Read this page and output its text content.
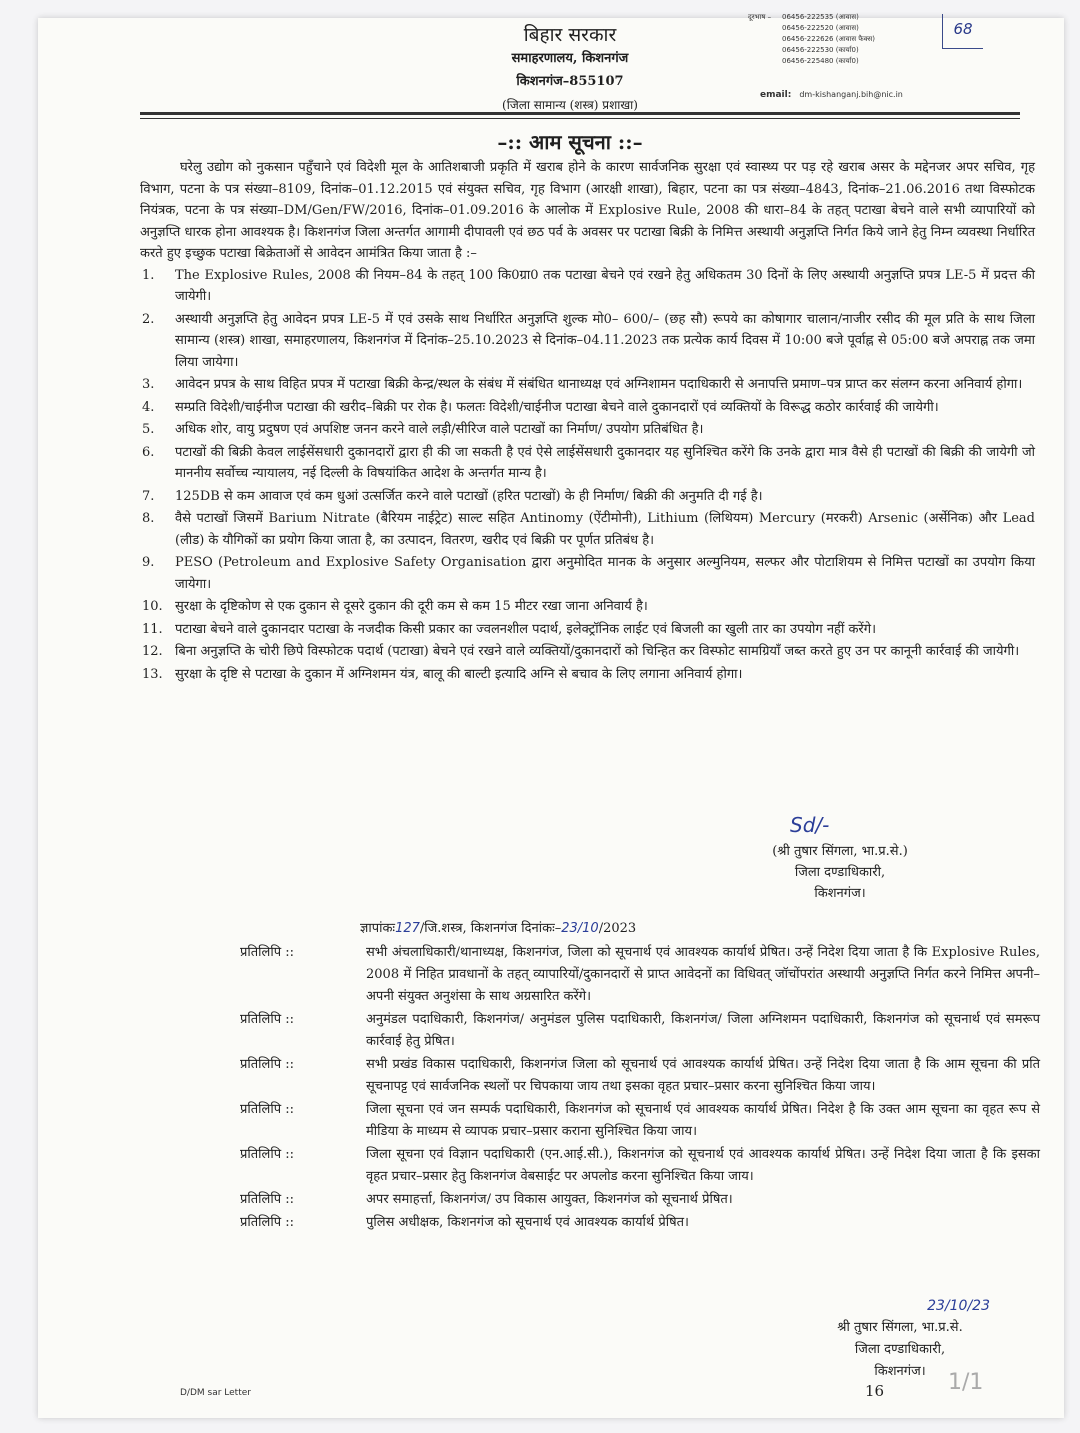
बिहार सरकार
समाहरणालय, किशनगंज
किशनगंज–855107
(जिला सामान्य (शस्त्र) प्रशाखा)
दूरभाष – 06456-222535 (आवास)
06456-222520 (आवास)
06456-222626 (आवास फैक्स)
06456-222530 (कार्या0)
06456-225480 (कार्या0)
email: dm-kishanganj.bih@nic.in
68
–:: आम सूचना ::–

घरेलु उद्योग को नुकसान पहुँचाने एवं विदेशी मूल के आतिशबाजी प्रकृति में खराब होने के कारण सार्वजनिक सुरक्षा एवं स्वास्थ्य पर पड़ रहे खराब असर के मद्देनजर अपर सचिव, गृह विभाग, पटना के पत्र संख्या–8109, दिनांक–01.12.2015 एवं संयुक्त सचिव, गृह विभाग (आरक्षी शाखा), बिहार, पटना का पत्र संख्या–4843, दिनांक–21.06.2016 तथा विस्फोटक नियंत्रक, पटना के पत्र संख्या–DM/Gen/FW/2016, दिनांक–01.09.2016 के आलोक में Explosive Rule, 2008 की धारा–84 के तहत् पटाखा बेचने वाले सभी व्यापारियों को अनुज्ञप्ति धारक होना आवश्यक है। किशनगंज जिला अन्तर्गत आगामी दीपावली एवं छठ पर्व के अवसर पर पटाखा बिक्री के निमित्त अस्थायी अनुज्ञप्ति निर्गत किये जाने हेतु निम्न व्यवस्था निर्धारित करते हुए इच्छुक पटाखा बिक्रेताओं से आवेदन आमंत्रित किया जाता है :–

1. The Explosive Rules, 2008 की नियम–84 के तहत् 100 कि0ग्रा0 तक पटाखा बेचने एवं रखने हेतु अधिकतम 30 दिनों के लिए अस्थायी अनुज्ञप्ति प्रपत्र LE-5 में प्रदत्त की जायेगी।
2. अस्थायी अनुज्ञप्ति हेतु आवेदन प्रपत्र LE-5 में एवं उसके साथ निर्धारित अनुज्ञप्ति शुल्क मो0– 600/– (छह सौ) रूपये का कोषागार चालान/नाजीर रसीद की मूल प्रति के साथ जिला सामान्य (शस्त्र) शाखा, समाहरणालय, किशनगंज में दिनांक–25.10.2023 से दिनांक–04.11.2023 तक प्रत्येक कार्य दिवस में 10:00 बजे पूर्वाह्न से 05:00 बजे अपराह्न तक जमा लिया जायेगा।
3. आवेदन प्रपत्र के साथ विहित प्रपत्र में पटाखा बिक्री केन्द्र/स्थल के संबंध में संबंधित थानाध्यक्ष एवं अग्निशामन पदाधिकारी से अनापत्ति प्रमाण–पत्र प्राप्त कर संलग्न करना अनिवार्य होगा।
4. सम्प्रति विदेशी/चाईनीज पटाखा की खरीद–बिक्री पर रोक है। फलतः विदेशी/चाईनीज पटाखा बेचने वाले दुकानदारों एवं व्यक्तियों के विरूद्ध कठोर कार्रवाई की जायेगी।
5. अधिक शोर, वायु प्रदुषण एवं अपशिष्ट जनन करने वाले लड़ी/सीरिज वाले पटाखों का निर्माण/ उपयोग प्रतिबंधित है।
6. पटाखों की बिक्री केवल लाईसेंसधारी दुकानदारों द्वारा ही की जा सकती है एवं ऐसे लाईसेंसधारी दुकानदार यह सुनिश्चित करेंगे कि उनके द्वारा मात्र वैसे ही पटाखों की बिक्री की जायेगी जो माननीय सर्वोच्च न्यायालय, नई दिल्ली के विषयांकित आदेश के अन्तर्गत मान्य है।
7. 125DB से कम आवाज एवं कम धुआं उत्सर्जित करने वाले पटाखों (हरित पटाखों) के ही निर्माण/ बिक्री की अनुमति दी गई है।
8. वैसे पटाखों जिसमें Barium Nitrate (बैरियम नाईट्रेट) साल्ट सहित Antinomy (ऐंटीमोनी), Lithium (लिथियम) Mercury (मरकरी) Arsenic (अर्सेनिक) और Lead (लीड) के यौगिकों का प्रयोग किया जाता है, का उत्पादन, वितरण, खरीद एवं बिक्री पर पूर्णत प्रतिबंध है।
9. PESO (Petroleum and Explosive Safety Organisation द्वारा अनुमोदित मानक के अनुसार अल्मुनियम, सल्फर और पोटाशियम से निमित्त पटाखों का उपयोग किया जायेगा।
10. सुरक्षा के दृष्टिकोण से एक दुकान से दूसरे दुकान की दूरी कम से कम 15 मीटर रखा जाना अनिवार्य है।
11. पटाखा बेचने वाले दुकानदार पटाखा के नजदीक किसी प्रकार का ज्वलनशील पदार्थ, इलेक्ट्रॉनिक लाईट एवं बिजली का खुली तार का उपयोग नहीं करेंगे।
12. बिना अनुज्ञप्ति के चोरी छिपे विस्फोटक पदार्थ (पटाखा) बेचने एवं रखने वाले व्यक्तियों/दुकानदारों को चिन्हित कर विस्फोट सामग्रियाँ जब्त करते हुए उन पर कानूनी कार्रवाई की जायेगी।
13. सुरक्षा के दृष्टि से पटाखा के दुकान में अग्निशमन यंत्र, बालू की बाल्टी इत्यादि अग्नि से बचाव के लिए लगाना अनिवार्य होगा।
Sd/-
(श्री तुषार सिंगला, भा.प्र.से.)
जिला दण्डाधिकारी,
किशनगंज।
ज्ञापांकः127/जि.शस्त्र, किशनगंज दिनांकः–23/10/2023
प्रतिलिपि ::	सभी अंचलाधिकारी/थानाध्यक्ष, किशनगंज, जिला को सूचनार्थ एवं आवश्यक कार्यार्थ प्रेषित। उन्हें निदेश दिया जाता है कि Explosive Rules, 2008 में निहित प्रावधानों के तहत् व्यापारियों/दुकानदारों से प्राप्त आवेदनों का विधिवत् जॉचोंपरांत अस्थायी अनुज्ञप्ति निर्गत करने निमित्त अपनी–अपनी संयुक्त अनुशंसा के साथ अग्रसारित करेंगे।
प्रतिलिपि ::	अनुमंडल पदाधिकारी, किशनगंज/ अनुमंडल पुलिस पदाधिकारी, किशनगंज/ जिला अग्निशमन पदाधिकारी, किशनगंज को सूचनार्थ एवं समरूप कार्रवाई हेतु प्रेषित।
प्रतिलिपि ::	सभी प्रखंड विकास पदाधिकारी, किशनगंज जिला को सूचनार्थ एवं आवश्यक कार्यार्थ प्रेषित। उन्हें निदेश दिया जाता है कि आम सूचना की प्रति सूचनापट्ट एवं सार्वजनिक स्थलों पर चिपकाया जाय तथा इसका वृहत प्रचार–प्रसार करना सुनिश्चित किया जाय।
प्रतिलिपि ::	जिला सूचना एवं जन सम्पर्क पदाधिकारी, किशनगंज को सूचनार्थ एवं आवश्यक कार्यार्थ प्रेषित। निदेश है कि उक्त आम सूचना का वृहत रूप से मीडिया के माध्यम से व्यापक प्रचार–प्रसार कराना सुनिश्चित किया जाय।
प्रतिलिपि ::	जिला सूचना एवं विज्ञान पदाधिकारी (एन.आई.सी.), किशनगंज को सूचनार्थ एवं आवश्यक कार्यार्थ प्रेषित। उन्हें निदेश दिया जाता है कि इसका वृहत प्रचार–प्रसार हेतु किशनगंज वेबसाईट पर अपलोड करना सुनिश्चित किया जाय।
प्रतिलिपि ::	अपर समाहर्त्ता, किशनगंज/ उप विकास आयुक्त, किशनगंज को सूचनार्थ प्रेषित।
प्रतिलिपि ::	पुलिस अधीक्षक, किशनगंज को सूचनार्थ एवं आवश्यक कार्यार्थ प्रेषित।
23/10/23
श्री तुषार सिंगला, भा.प्र.से.
जिला दण्डाधिकारी,
किशनगंज।
D/DM sar Letter	16	1/1
